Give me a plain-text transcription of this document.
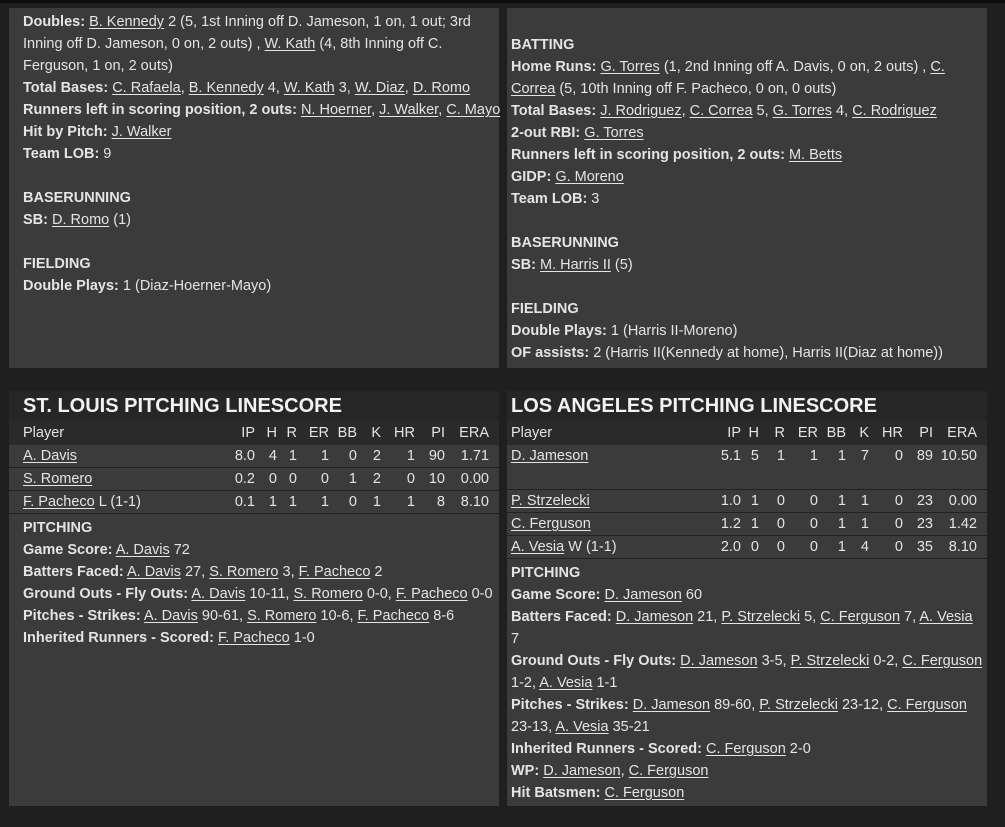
Doubles: B. Kennedy 2 (5, 1st Inning off D. Jameson, 1 on, 1 out; 3rd
Inning off D. Jameson, 0 on, 2 outs) , W. Kath (4, 8th Inning off C.
Ferguson, 1 on, 2 outs)
Total Bases: C. Rafaela, B. Kennedy 4, W. Kath 3, W. Diaz, D. Romo
Runners left in scoring position, 2 outs: N. Hoerner, J. Walker, C. Mayo
Hit by Pitch: J. Walker
Team LOB: 9
BASERUNNING
SB: D. Romo (1)
FIELDING
Double Plays: 1 (Diaz-Hoerner-Mayo)
BATTING
Home Runs: G. Torres (1, 2nd Inning off A. Davis, 0 on, 2 outs) , C.
Correa (5, 10th Inning off F. Pacheco, 0 on, 0 outs)
Total Bases: J. Rodriguez, C. Correa 5, G. Torres 4, C. Rodriguez
2-out RBI: G. Torres
Runners left in scoring position, 2 outs: M. Betts
GIDP: G. Moreno
Team LOB: 3
BASERUNNING
SB: M. Harris II (5)
FIELDING
Double Plays: 1 (Harris II-Moreno)
OF assists: 2 (Harris II(Kennedy at home), Harris II(Diaz at home))
ST. LOUIS PITCHING LINESCORE
Player	IP H R ER BB K HR	PI ERA
A. Davis	8.0 4 1	1	0	2	1 90	1.71
S. Romero	0.2 0 0	0	1	2	0 10	0.00
F. Pacheco L (1-1)	0.1 1 1	1	0	1	1	8	8.10
PITCHING
Game Score: A. Davis 72
Batters Faced: A. Davis 27, S. Romero 3, F. Pacheco 2
Ground Outs - Fly Outs: A. Davis 10-11, S. Romero 0-0, F. Pacheco 0-0
Pitches - Strikes: A. Davis 90-61, S. Romero 10-6, F. Pacheco 8-6
Inherited Runners - Scored: F. Pacheco 1-0
LOS ANGELES PITCHING LINESCORE
Player	IP H R ER BB K HR	PI ERA
D. Jameson	5.1 5	1	1	1	7	0 89 10.50
P. Strzelecki	1.0 1	0	0	1	1	0 23	0.00
C. Ferguson	1.2 1	0	0	1	1	0 23	1.42
A. Vesia W (1-1)	2.0 0	0	0	1	4	0 35	8.10
PITCHING
Game Score: D. Jameson 60
Batters Faced: D. Jameson 21, P. Strzelecki 5, C. Ferguson 7, A. Vesia
7
Ground Outs - Fly Outs: D. Jameson 3-5, P. Strzelecki 0-2, C. Ferguson
1-2, A. Vesia 1-1
Pitches - Strikes: D. Jameson 89-60, P. Strzelecki 23-12, C. Ferguson
23-13, A. Vesia 35-21
Inherited Runners - Scored: C. Ferguson 2-0
WP: D. Jameson, C. Ferguson
Hit Batsmen: C. Ferguson
